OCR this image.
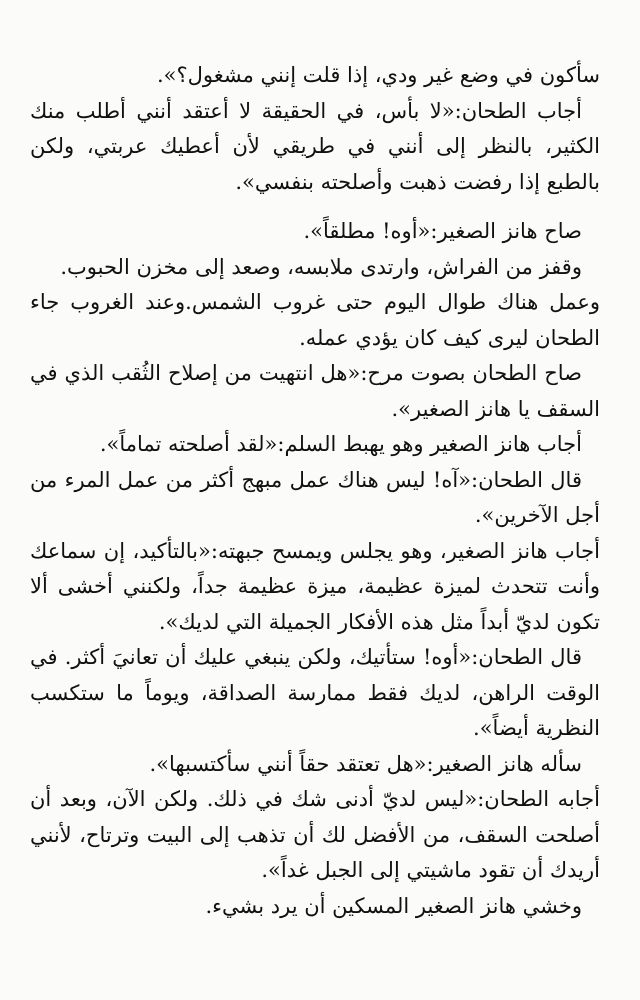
سأكون في وضع غير ودي، إذا قلت إنني مشغول؟».

أجاب الطحان:«لا بأس، في الحقيقة لا أعتقد أنني أطلب منك الكثير، بالنظر إلى أنني في طريقي لأن أعطيك عربتي، ولكن بالطبع إذا رفضت ذهبت وأصلحته بنفسي».

صاح هانز الصغير:«أوه! مطلقاً».

وقفز من الفراش، وارتدى ملابسه، وصعد إلى مخزن الحبوب.

وعمل هناك طوال اليوم حتى غروب الشمس.وعند الغروب جاء الطحان ليرى كيف كان يؤدي عمله.

صاح الطحان بصوت مرح:«هل انتهيت من إصلاح الثُقب الذي في السقف يا هانز الصغير».

أجاب هانز الصغير وهو يهبط السلم:«لقد أصلحته تماماً».

قال الطحان:«آه! ليس هناك عمل مبهج أكثر من عمل المرء من أجل الآخرين».

أجاب هانز الصغير، وهو يجلس ويمسح جبهته:«بالتأكيد، إن سماعك وأنت تتحدث لميزة عظيمة، ميزة عظيمة جداً، ولكنني أخشى ألا تكون لديّ أبداً مثل هذه الأفكار الجميلة التي لديك».

قال الطحان:«أوه! ستأتيك، ولكن ينبغي عليك أن تعانيَ أكثر. في الوقت الراهن، لديك فقط ممارسة الصداقة، ويوماً ما ستكسب النظرية أيضاً».

سأله هانز الصغير:«هل تعتقد حقاً أنني سأكتسبها».

أجابه الطحان:«ليس لديّ أدنى شك في ذلك. ولكن الآن، وبعد أن أصلحت السقف، من الأفضل لك أن تذهب إلى البيت وترتاح، لأنني أريدك أن تقود ماشيتي إلى الجبل غداً».

وخشي هانز الصغير المسكين أن يرد بشيء.
